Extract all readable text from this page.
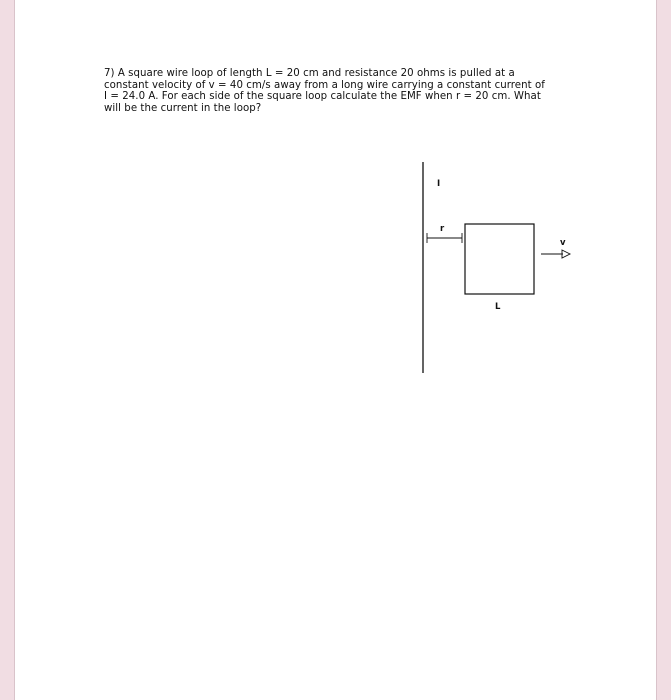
7) A square wire loop of length L = 20 cm and resistance 20 ohms is pulled at a
constant velocity of v = 40 cm/s away from a long wire carrying a constant current of
I = 24.0 A. For each side of the square loop calculate the EMF when r = 20 cm. What
will be the current in the loop?
I
r
v
L
